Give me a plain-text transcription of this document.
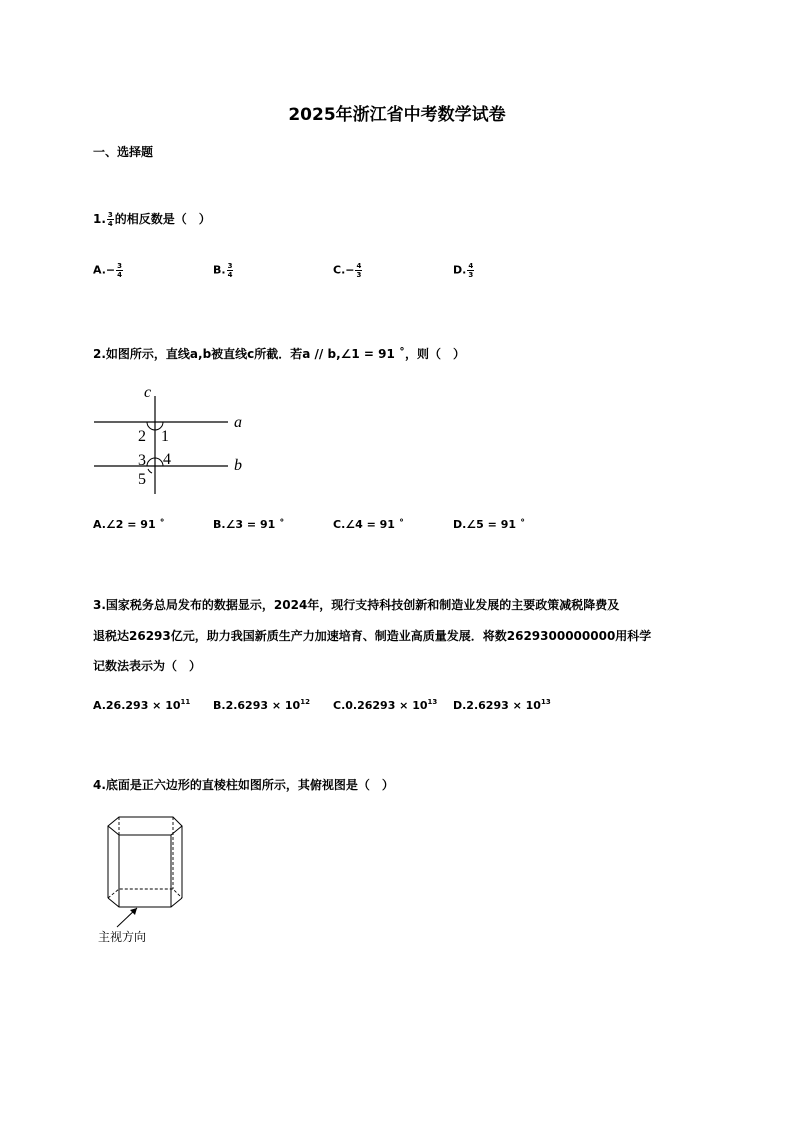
2025年浙江省中考数学试卷
一、选择题
1. $\frac{3}{4}$ 的相反数是（　）
$A.- \frac{3}{4}$	B. $\frac{3}{4}$	$C.- \frac{4}{3}$	D. $\frac{4}{3}$
2.如图所示，直线a,b被直线c所截．若a // b,∠1 = 91 ˚，则（　）
c
a
b
2 1
3 4
5
A.∠2 = 91 ˚	B.∠3 = 91 ˚	C.∠4 = 91 ˚	D.∠5 = 91 ˚
3.国家税务总局发布的数据显示，2024年，现行支持科技创新和制造业发展的主要政策减税降费及
退税达26293亿元，助力我国新质生产力加速培育、制造业高质量发展．将数2629300000000用科学
记数法表示为（　）
$A.26.293 \times 10^{11}$ $B.2.6293 \times 10^{12}$ $C.0.26293 \times 10^{13}$ $D.2.6293 \times 10^{13}$
4.底面是正六边形的直棱柱如图所示，其俯视图是（　）
主视方向
